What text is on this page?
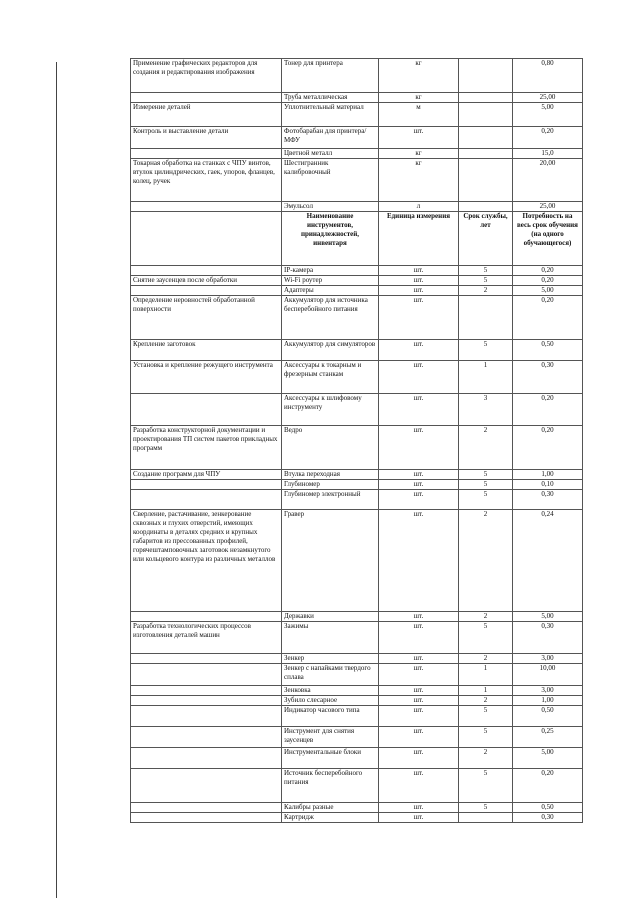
Применение графических редакторов для создания и редактирования изображения	Тонер для принтера	кг		0,80
	Труба металлическая	кг		25,00
Измерение деталей	Уплотнительный материал	м		5,00
Контроль и выставление детали	Фотобарабан для принтера/МФУ	шт.		0,20
	Цветной металл	кг		15,0
Токарная обработка на станках с ЧПУ винтов, втулок цилиндрических, гаек, упоров, фланцев, колец, ручек	Шестигранник калибровочный	кг		20,00
	Эмульсол	л		25,00
	Наименование инструментов, принадлежностей, инвентаря	Единица измерения	Срок службы, лет	Потребность на весь срок обучения (на одного обучающегося)
	IP-камера	шт.	5	0,20
Снятие заусенцев после обработки	Wi-Fi роутер	шт.	5	0,20
	Адаптеры	шт.	2	5,00
Определение неровностей обработанной поверхности	Аккумулятор для источника бесперебойного питания	шт.		0,20
Крепление заготовок	Аккумулятор для симуляторов	шт.	5	0,50
Установка и крепление режущего инструмента	Аксессуары к токарным и фрезерным станкам	шт.	1	0,30
	Аксессуары к шлифовому инструменту	шт.	3	0,20
Разработка конструкторной документации и проектирования ТП систем пакетов прикладных программ	Ведро	шт.	2	0,20
Создание программ для ЧПУ	Втулка переходная	шт.	5	1,00
	Глубиномер	шт.	5	0,10
	Глубиномер электронный	шт.	5	0,30
Сверление, растачивание, зенкерование сквозных и глухих отверстий, имеющих координаты в деталях средних и крупных габаритов из прессованных профилей, горячештамповочных заготовок незамкнутого или кольцевого контура из различных металлов	Гравер	шт.	2	0,24
	Державки	шт.	2	5,00
Разработка технологических процессов изготовления деталей машин	Зажимы	шт.	5	0,30
	Зенкер	шт.	2	3,00
	Зенкер с напайками твердого сплава	шт.	1	10,00
	Зенковка	шт.	1	3,00
	Зубило слесарное	шт.	2	1,00
	Индикатор часового типа	шт.	5	0,50
	Инструмент для снятия заусенцев	шт.	5	0,25
	Инструментальные блоки	шт.	2	5,00
	Источник бесперебойного питания	шт.	5	0,20
	Калибры разные	шт.	5	0,50
	Картридж	шт.		0,30
